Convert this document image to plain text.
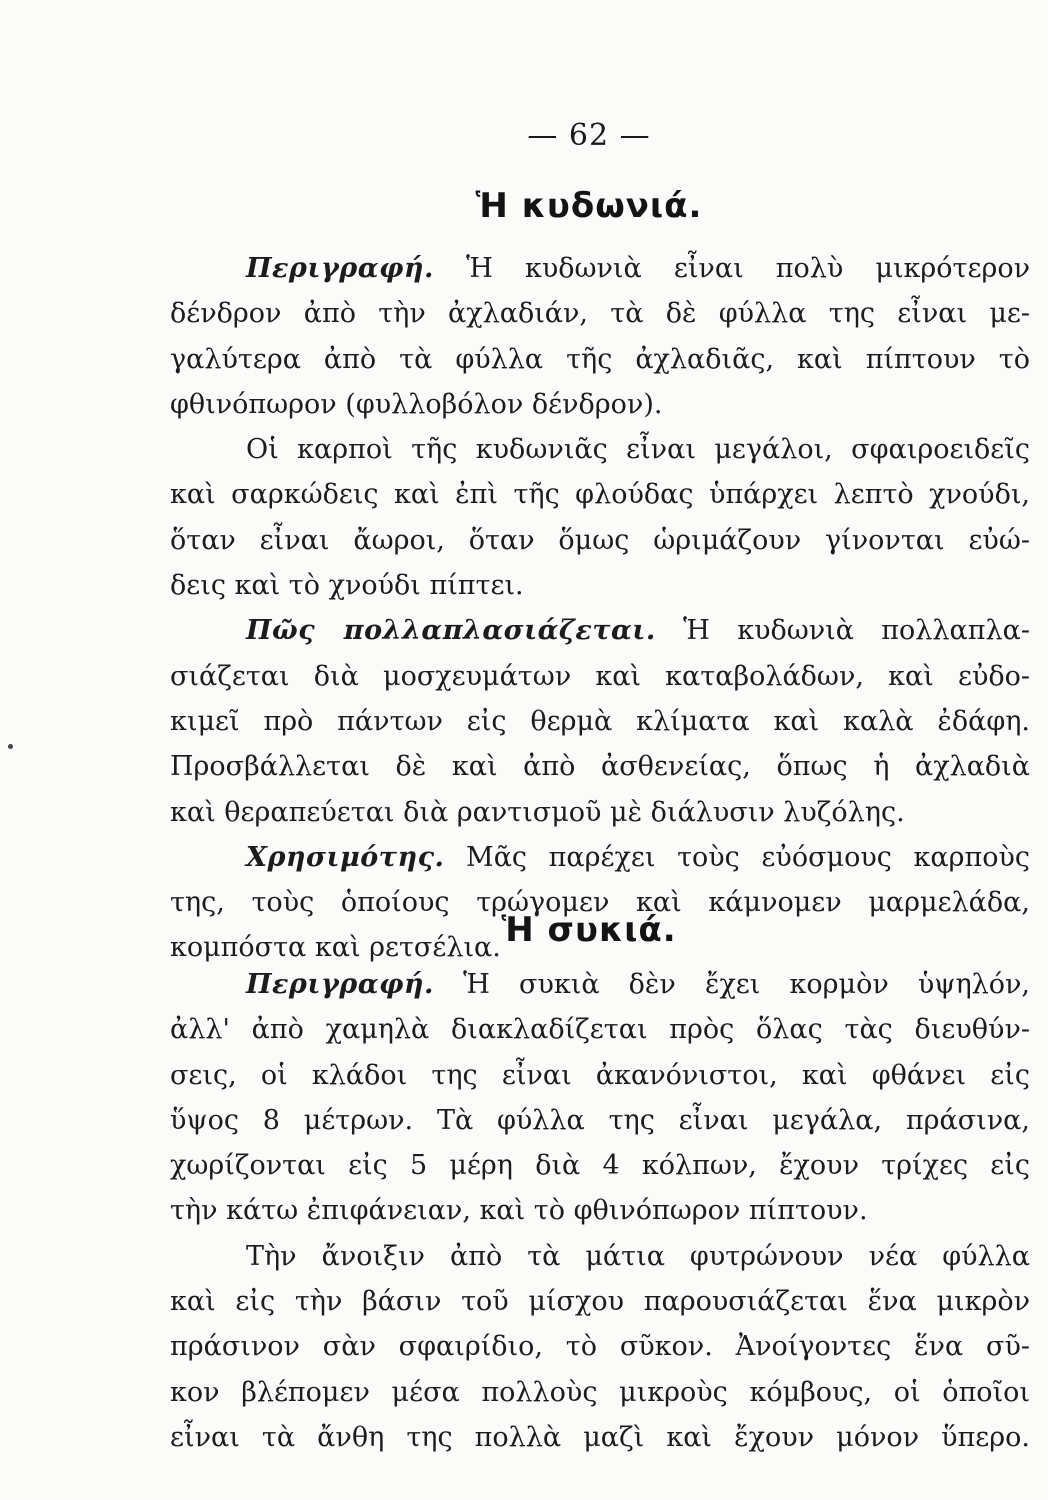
— 62 —
Ἡ κυδωνιά.
Περιγραφή. Ἡ κυδωνιὰ εἶναι πολὺ μικρότερον
δένδρον ἀπὸ τὴν ἀχλαδιάν, τὰ δὲ φύλλα της εἶναι με-
γαλύτερα ἀπὸ τὰ φύλλα τῆς ἀχλαδιᾶς, καὶ πίπτουν τὸ
φθινόπωρον (φυλλοβόλον δένδρον).
Οἱ καρποὶ τῆς κυδωνιᾶς εἶναι μεγάλοι, σφαιροειδεῖς
καὶ σαρκώδεις καὶ ἐπὶ τῆς φλούδας ὑπάρχει λεπτὸ χνούδι,
ὅταν εἶναι ἄωροι, ὅταν ὅμως ὡριμάζουν γίνονται εὐώ-
δεις καὶ τὸ χνούδι πίπτει.
Πῶς πολλαπλασιάζεται. Ἡ κυδωνιὰ πολλαπλα-
σιάζεται διὰ μοσχευμάτων καὶ καταβολάδων, καὶ εὐδο-
κιμεῖ πρὸ πάντων εἰς θερμὰ κλίματα καὶ καλὰ ἐδάφη.
Προσβάλλεται δὲ καὶ ἀπὸ ἀσθενείας, ὅπως ἡ ἀχλαδιὰ
καὶ θεραπεύεται διὰ ραντισμοῦ μὲ διάλυσιν λυζόλης.
Χρησιμότης. Μᾶς παρέχει τοὺς εὐόσμους καρποὺς
της, τοὺς ὁποίους τρώγομεν καὶ κάμνομεν μαρμελάδα,
κομπόστα καὶ ρετσέλια. Ἡ συκιά.
Περιγραφή. Ἡ συκιὰ δὲν ἔχει κορμὸν ὑψηλόν,
ἀλλ' ἀπὸ χαμηλὰ διακλαδίζεται πρὸς ὅλας τὰς διευθύν-
σεις, οἱ κλάδοι της εἶναι ἀκανόνιστοι, καὶ φθάνει εἰς
ὕψος 8 μέτρων. Τὰ φύλλα της εἶναι μεγάλα, πράσινα,
χωρίζονται εἰς 5 μέρη διὰ 4 κόλπων, ἔχουν τρίχες εἰς
τὴν κάτω ἐπιφάνειαν, καὶ τὸ φθινόπωρον πίπτουν.
Τὴν ἄνοιξιν ἀπὸ τὰ μάτια φυτρώνουν νέα φύλλα
καὶ εἰς τὴν βάσιν τοῦ μίσχου παρουσιάζεται ἕνα μικρὸν
πράσινον σὰν σφαιρίδιο, τὸ σῦκον. Ἀνοίγοντες ἕνα σῦ-
κον βλέπομεν μέσα πολλοὺς μικροὺς κόμβους, οἱ ὁποῖοι
εἶναι τὰ ἄνθη της πολλὰ μαζὶ καὶ ἔχουν μόνον ὕπερο.
